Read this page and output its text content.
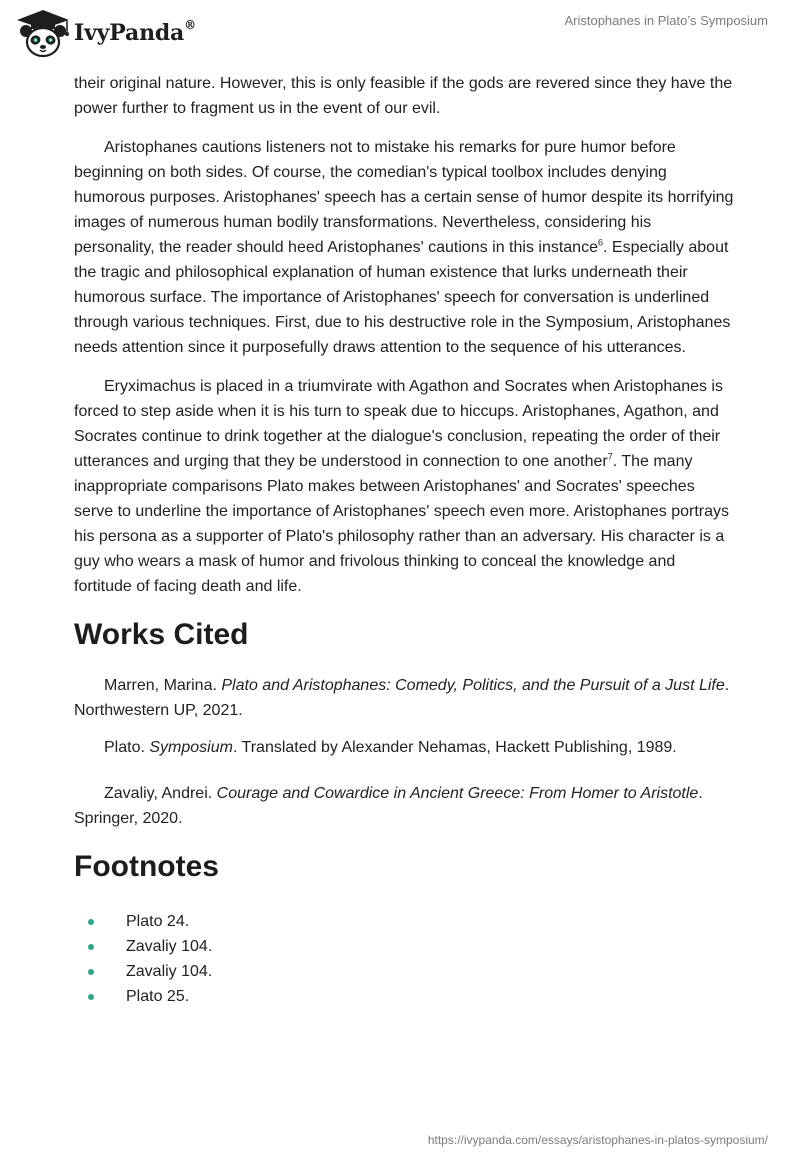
IvyPanda®	Aristophanes in Plato’s Symposium

their original nature. However, this is only feasible if the gods are revered since they have the power further to fragment us in the event of our evil.

Aristophanes cautions listeners not to mistake his remarks for pure humor before beginning on both sides. Of course, the comedian's typical toolbox includes denying humorous purposes. Aristophanes' speech has a certain sense of humor despite its horrifying images of numerous human bodily transformations. Nevertheless, considering his personality, the reader should heed Aristophanes' cautions in this instance$^6$. Especially about the tragic and philosophical explanation of human existence that lurks underneath their humorous surface. The importance of Aristophanes' speech for conversation is underlined through various techniques. First, due to his destructive role in the Symposium, Aristophanes needs attention since it purposefully draws attention to the sequence of his utterances.

Eryximachus is placed in a triumvirate with Agathon and Socrates when Aristophanes is forced to step aside when it is his turn to speak due to hiccups. Aristophanes, Agathon, and Socrates continue to drink together at the dialogue's conclusion, repeating the order of their utterances and urging that they be understood in connection to one another$^7$. The many inappropriate comparisons Plato makes between Aristophanes' and Socrates' speeches serve to underline the importance of Aristophanes' speech even more. Aristophanes portrays his persona as a supporter of Plato's philosophy rather than an adversary. His character is a guy who wears a mask of humor and frivolous thinking to conceal the knowledge and fortitude of facing death and life.

Works Cited

Marren, Marina. Plato and Aristophanes: Comedy, Politics, and the Pursuit of a Just Life. Northwestern UP, 2021.

Plato. Symposium. Translated by Alexander Nehamas, Hackett Publishing, 1989.

Zavaliy, Andrei. Courage and Cowardice in Ancient Greece: From Homer to Aristotle. Springer, 2020.

Footnotes
Plato 24.
Zavaliy 104.
Zavaliy 104.
Plato 25.
https://ivypanda.com/essays/aristophanes-in-platos-symposium/
